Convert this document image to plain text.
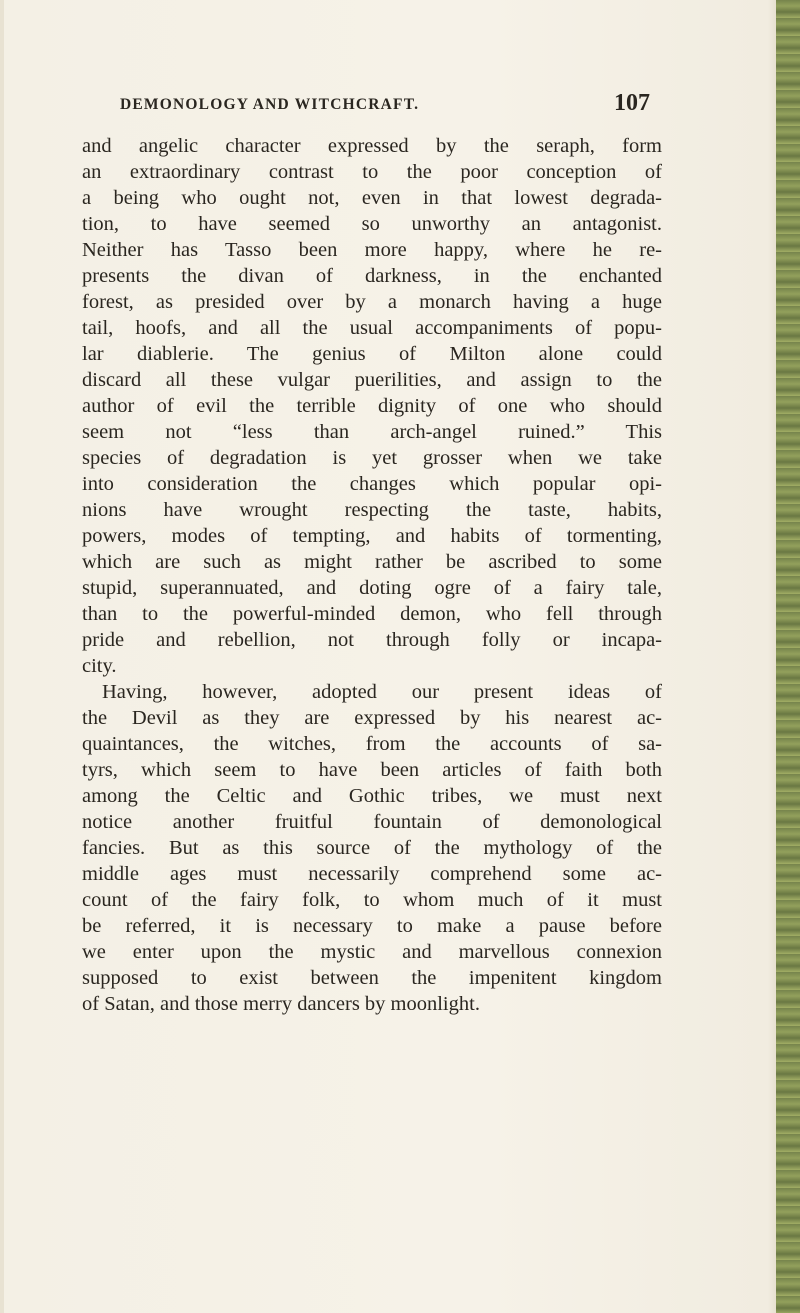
DEMONOLOGY AND WITCHCRAFT.	107
and angelic character expressed by the seraph, form
an extraordinary contrast to the poor conception of
a being who ought not, even in that lowest degrada-
tion, to have seemed so unworthy an antagonist.
Neither has Tasso been more happy, where he re-
presents the divan of darkness, in the enchanted
forest, as presided over by a monarch having a huge
tail, hoofs, and all the usual accompaniments of popu-
lar diablerie. The genius of Milton alone could
discard all these vulgar puerilities, and assign to the
author of evil the terrible dignity of one who should
seem not “less than arch-angel ruined.” This
species of degradation is yet grosser when we take
into consideration the changes which popular opi-
nions have wrought respecting the taste, habits,
powers, modes of tempting, and habits of tormenting,
which are such as might rather be ascribed to some
stupid, superannuated, and doting ogre of a fairy tale,
than to the powerful-minded demon, who fell through
pride and rebellion, not through folly or incapa-
city.
Having, however, adopted our present ideas of
the Devil as they are expressed by his nearest ac-
quaintances, the witches, from the accounts of sa-
tyrs, which seem to have been articles of faith both
among the Celtic and Gothic tribes, we must next
notice another fruitful fountain of demonological
fancies. But as this source of the mythology of the
middle ages must necessarily comprehend some ac-
count of the fairy folk, to whom much of it must
be referred, it is necessary to make a pause before
we enter upon the mystic and marvellous connexion
supposed to exist between the impenitent kingdom
of Satan, and those merry dancers by moonlight.
